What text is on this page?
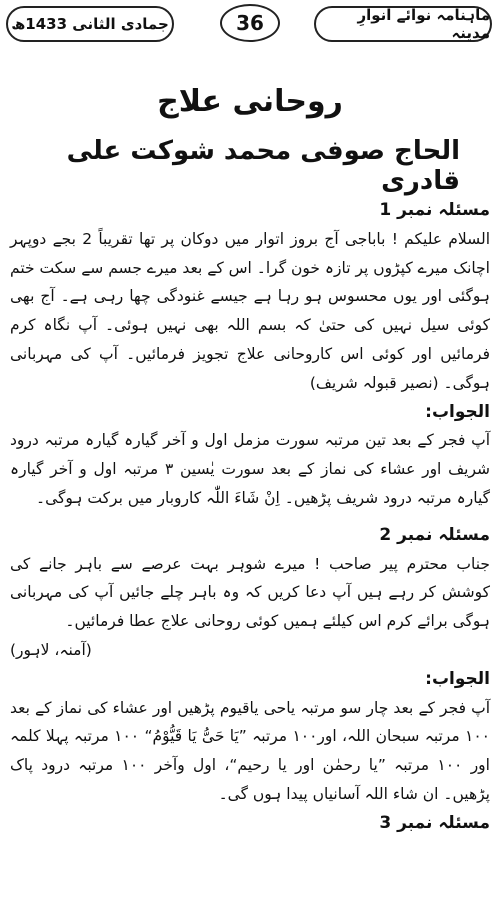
ماہنامہ نوائے انوارِ مدینہ
36
جمادی الثانی 1433ھ
روحانی علاج
الحاج صوفی محمد شوکت علی قادری

مسئلہ نمبر 1

السلام علیکم ! باباجی آج بروز اتوار میں دوکان پر تھا تقریباً 2 بجے دوپہر اچانک میرے کپڑوں پر تازہ خون گرا۔ اس کے بعد میرے جسم سے سکت ختم ہوگئی اور یوں محسوس ہو رہا ہے جیسے غنودگی چھا رہی ہے۔ آج بھی کوئی سیل نہیں کی حتیٰ کہ بسم اللہ بھی نہیں ہوئی۔ آپ نگاہ کرم فرمائیں اور کوئی اس کاروحانی علاج تجویز فرمائیں۔ آپ کی مہربانی ہوگی۔ (نصیر قبولہ شریف)

الجواب:

آپ فجر کے بعد تین مرتبہ سورت مزمل اول و آخر گیارہ گیارہ مرتبہ درود شریف اور عشاء کی نماز کے بعد سورت یٰسین ۳ مرتبہ اول و آخر گیارہ گیارہ مرتبہ درود شریف پڑھیں۔ اِنْ شَاءَ اللّٰہ کاروبار میں برکت ہوگی۔

مسئلہ نمبر 2

جناب محترم پیر صاحب ! میرے شوہر بہت عرصے سے باہر جانے کی کوشش کر رہے ہیں آپ دعا کریں کہ وہ باہر چلے جائیں آپ کی مہربانی ہوگی برائے کرم اس کیلئے ہمیں کوئی روحانی علاج عطا فرمائیں۔

(آمنہ، لاہور)

الجواب:

آپ فجر کے بعد چار سو مرتبہ یاحی یاقیوم پڑھیں اور عشاء کی نماز کے بعد ۱۰۰ مرتبہ سبحان اللہ، اور۱۰۰ مرتبہ ”یَا حَیُّ یَا قَیُّوْمُ“ ۱۰۰ مرتبہ پہلا کلمہ اور ۱۰۰ مرتبہ ”یا رحمٰن اور یا رحیم“، اول وآخر ۱۰۰ مرتبہ درود پاک پڑھیں۔ ان شاء اللہ آسانیاں پیدا ہوں گی۔

مسئلہ نمبر 3
